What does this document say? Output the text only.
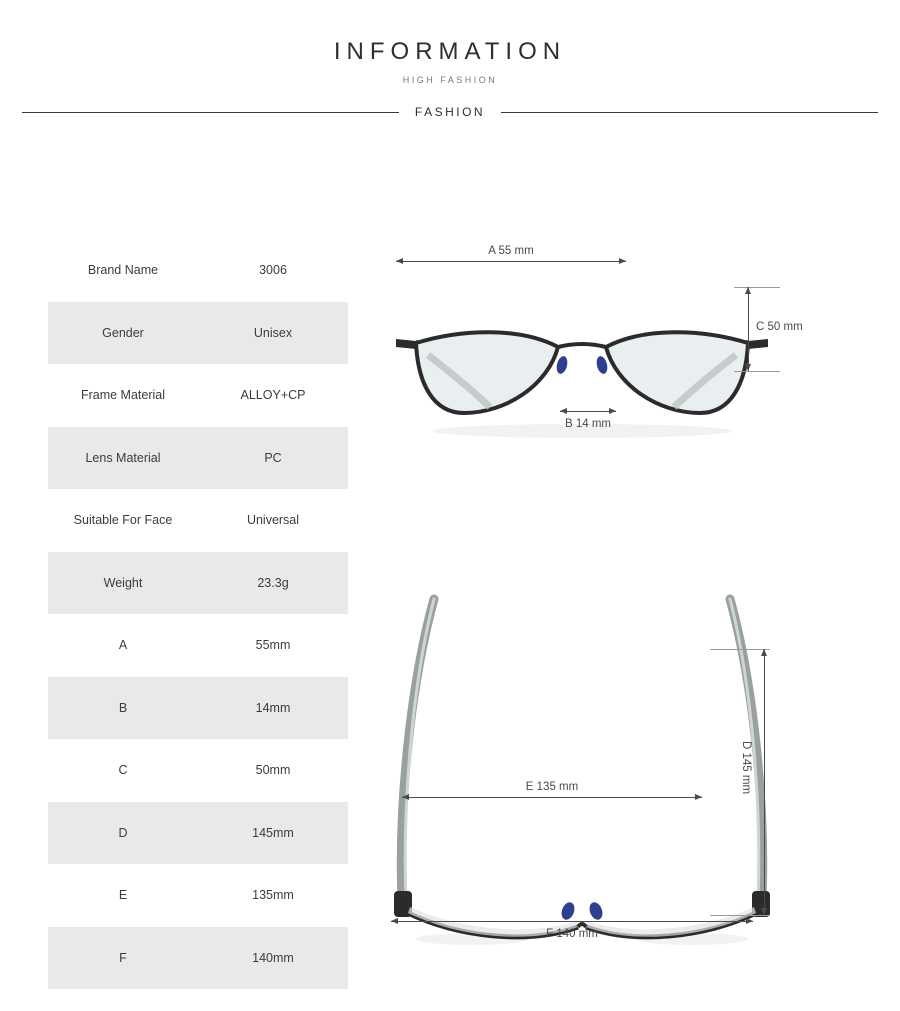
INFORMATION
HIGH FASHION
FASHION
Brand Name	3006
Gender	Unisex
Frame Material	ALLOY+CP
Lens Material	PC
Suitable For Face	Universal
Weight	23.3g
A	55mm
B	14mm
C	50mm
D	145mm
E	135mm
F	140mm
A 55 mm
C 50 mm
B 14 mm
D 145 mm
E 135 mm
F 140 mm
